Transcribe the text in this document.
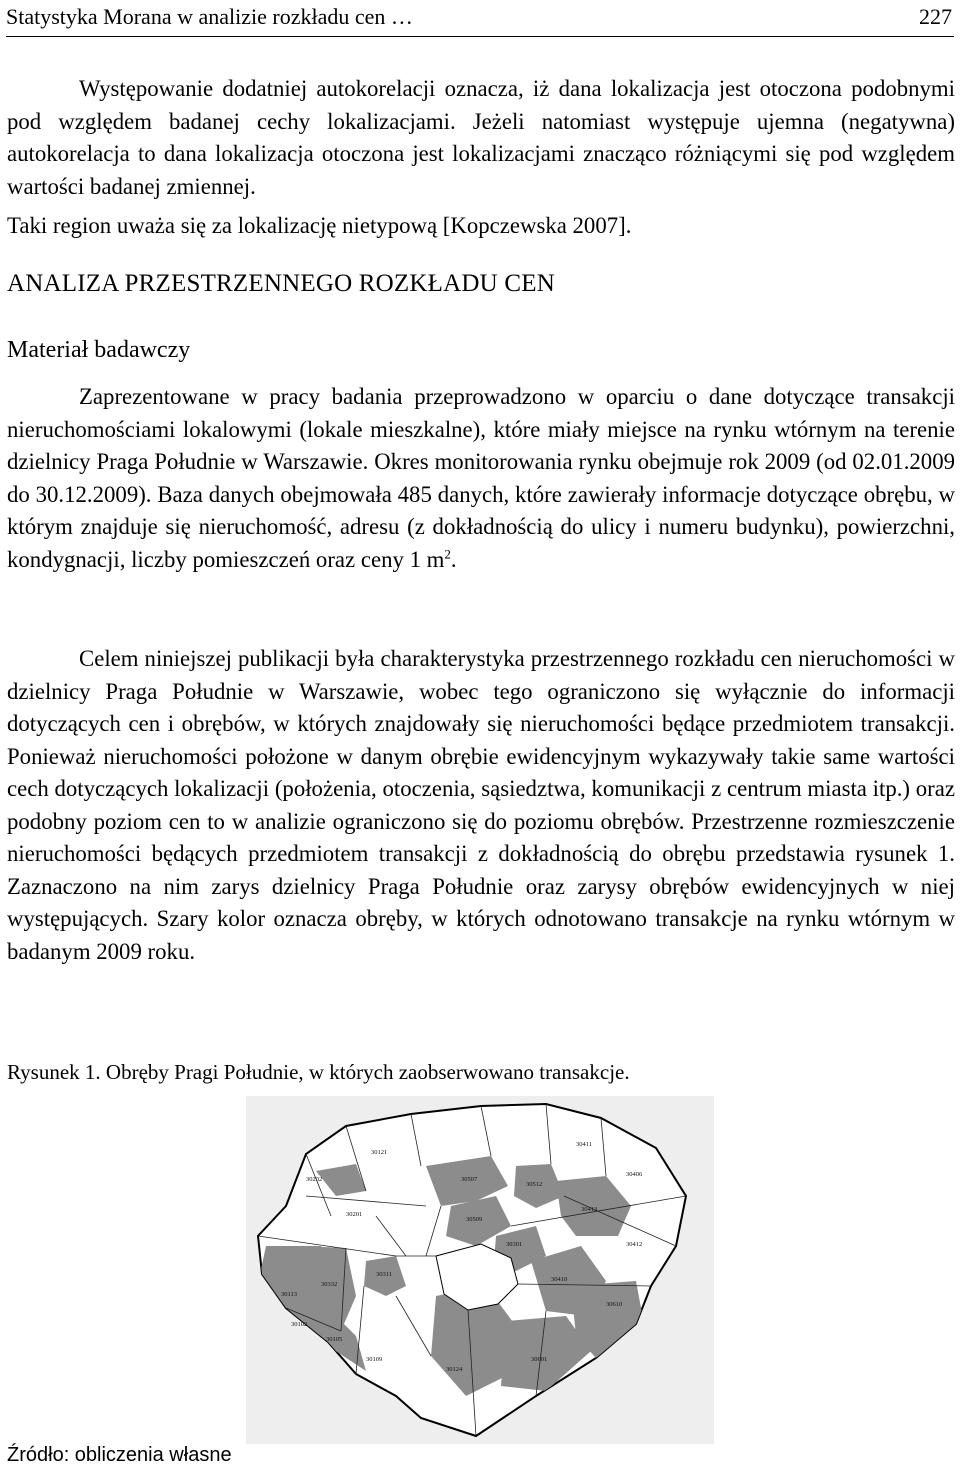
Statystyka Morana w analizie rozkładu cen …	227

Występowanie dodatniej autokorelacji oznacza, iż dana lokalizacja jest otoczona podobnymi pod względem badanej cechy lokalizacjami. Jeżeli natomiast występuje ujemna (negatywna) autokorelacja to dana lokalizacja otoczona jest lokalizacjami znacząco różniącymi się pod względem wartości badanej zmiennej.

Taki region uważa się za lokalizację nietypową [Kopczewska 2007].

ANALIZA PRZESTRZENNEGO ROZKŁADU CEN
Materiał badawczy

Zaprezentowane w pracy badania przeprowadzono w oparciu o dane dotyczące transakcji nieruchomościami lokalowymi (lokale mieszkalne), które miały miejsce na rynku wtórnym na terenie dzielnicy Praga Południe w Warszawie. Okres monitorowania rynku obejmuje rok 2009 (od 02.01.2009 do 30.12.2009). Baza danych obejmowała 485 danych, które zawierały informacje dotyczące obrębu, w którym znajduje się nieruchomość, adresu (z dokładnością do ulicy i numeru budynku), powierzchni, kondygnacji, liczby pomieszczeń oraz ceny 1 $m^2$.

Celem niniejszej publikacji była charakterystyka przestrzennego rozkładu cen nieruchomości w dzielnicy Praga Południe w Warszawie, wobec tego ograniczono się wyłącznie do informacji dotyczących cen i obrębów, w których znajdowały się nieruchomości będące przedmiotem transakcji. Ponieważ nieruchomości położone w danym obrębie ewidencyjnym wykazywały takie same wartości cech dotyczących lokalizacji (położenia, otoczenia, sąsiedztwa, komunikacji z centrum miasta itp.) oraz podobny poziom cen to w analizie ograniczono się do poziomu obrębów. Przestrzenne rozmieszczenie nieruchomości będących przedmiotem transakcji z dokładnością do obrębu przedstawia rysunek 1. Zaznaczono na nim zarys dzielnicy Praga Południe oraz zarysy obrębów ewidencyjnych w niej występujących. Szary kolor oznacza obręby, w których odnotowano transakcje na rynku wtórnym w badanym 2009 roku.

Rysunek 1. Obręby Pragi Południe, w których zaobserwowano transakcje.
30202
30121
30201
30411
30507
30509
30512
30406
30413
30332
30311
30412
30410
30301
30610
30113
30102
30105
30109	30601
30124
Źródło: obliczenia własne
